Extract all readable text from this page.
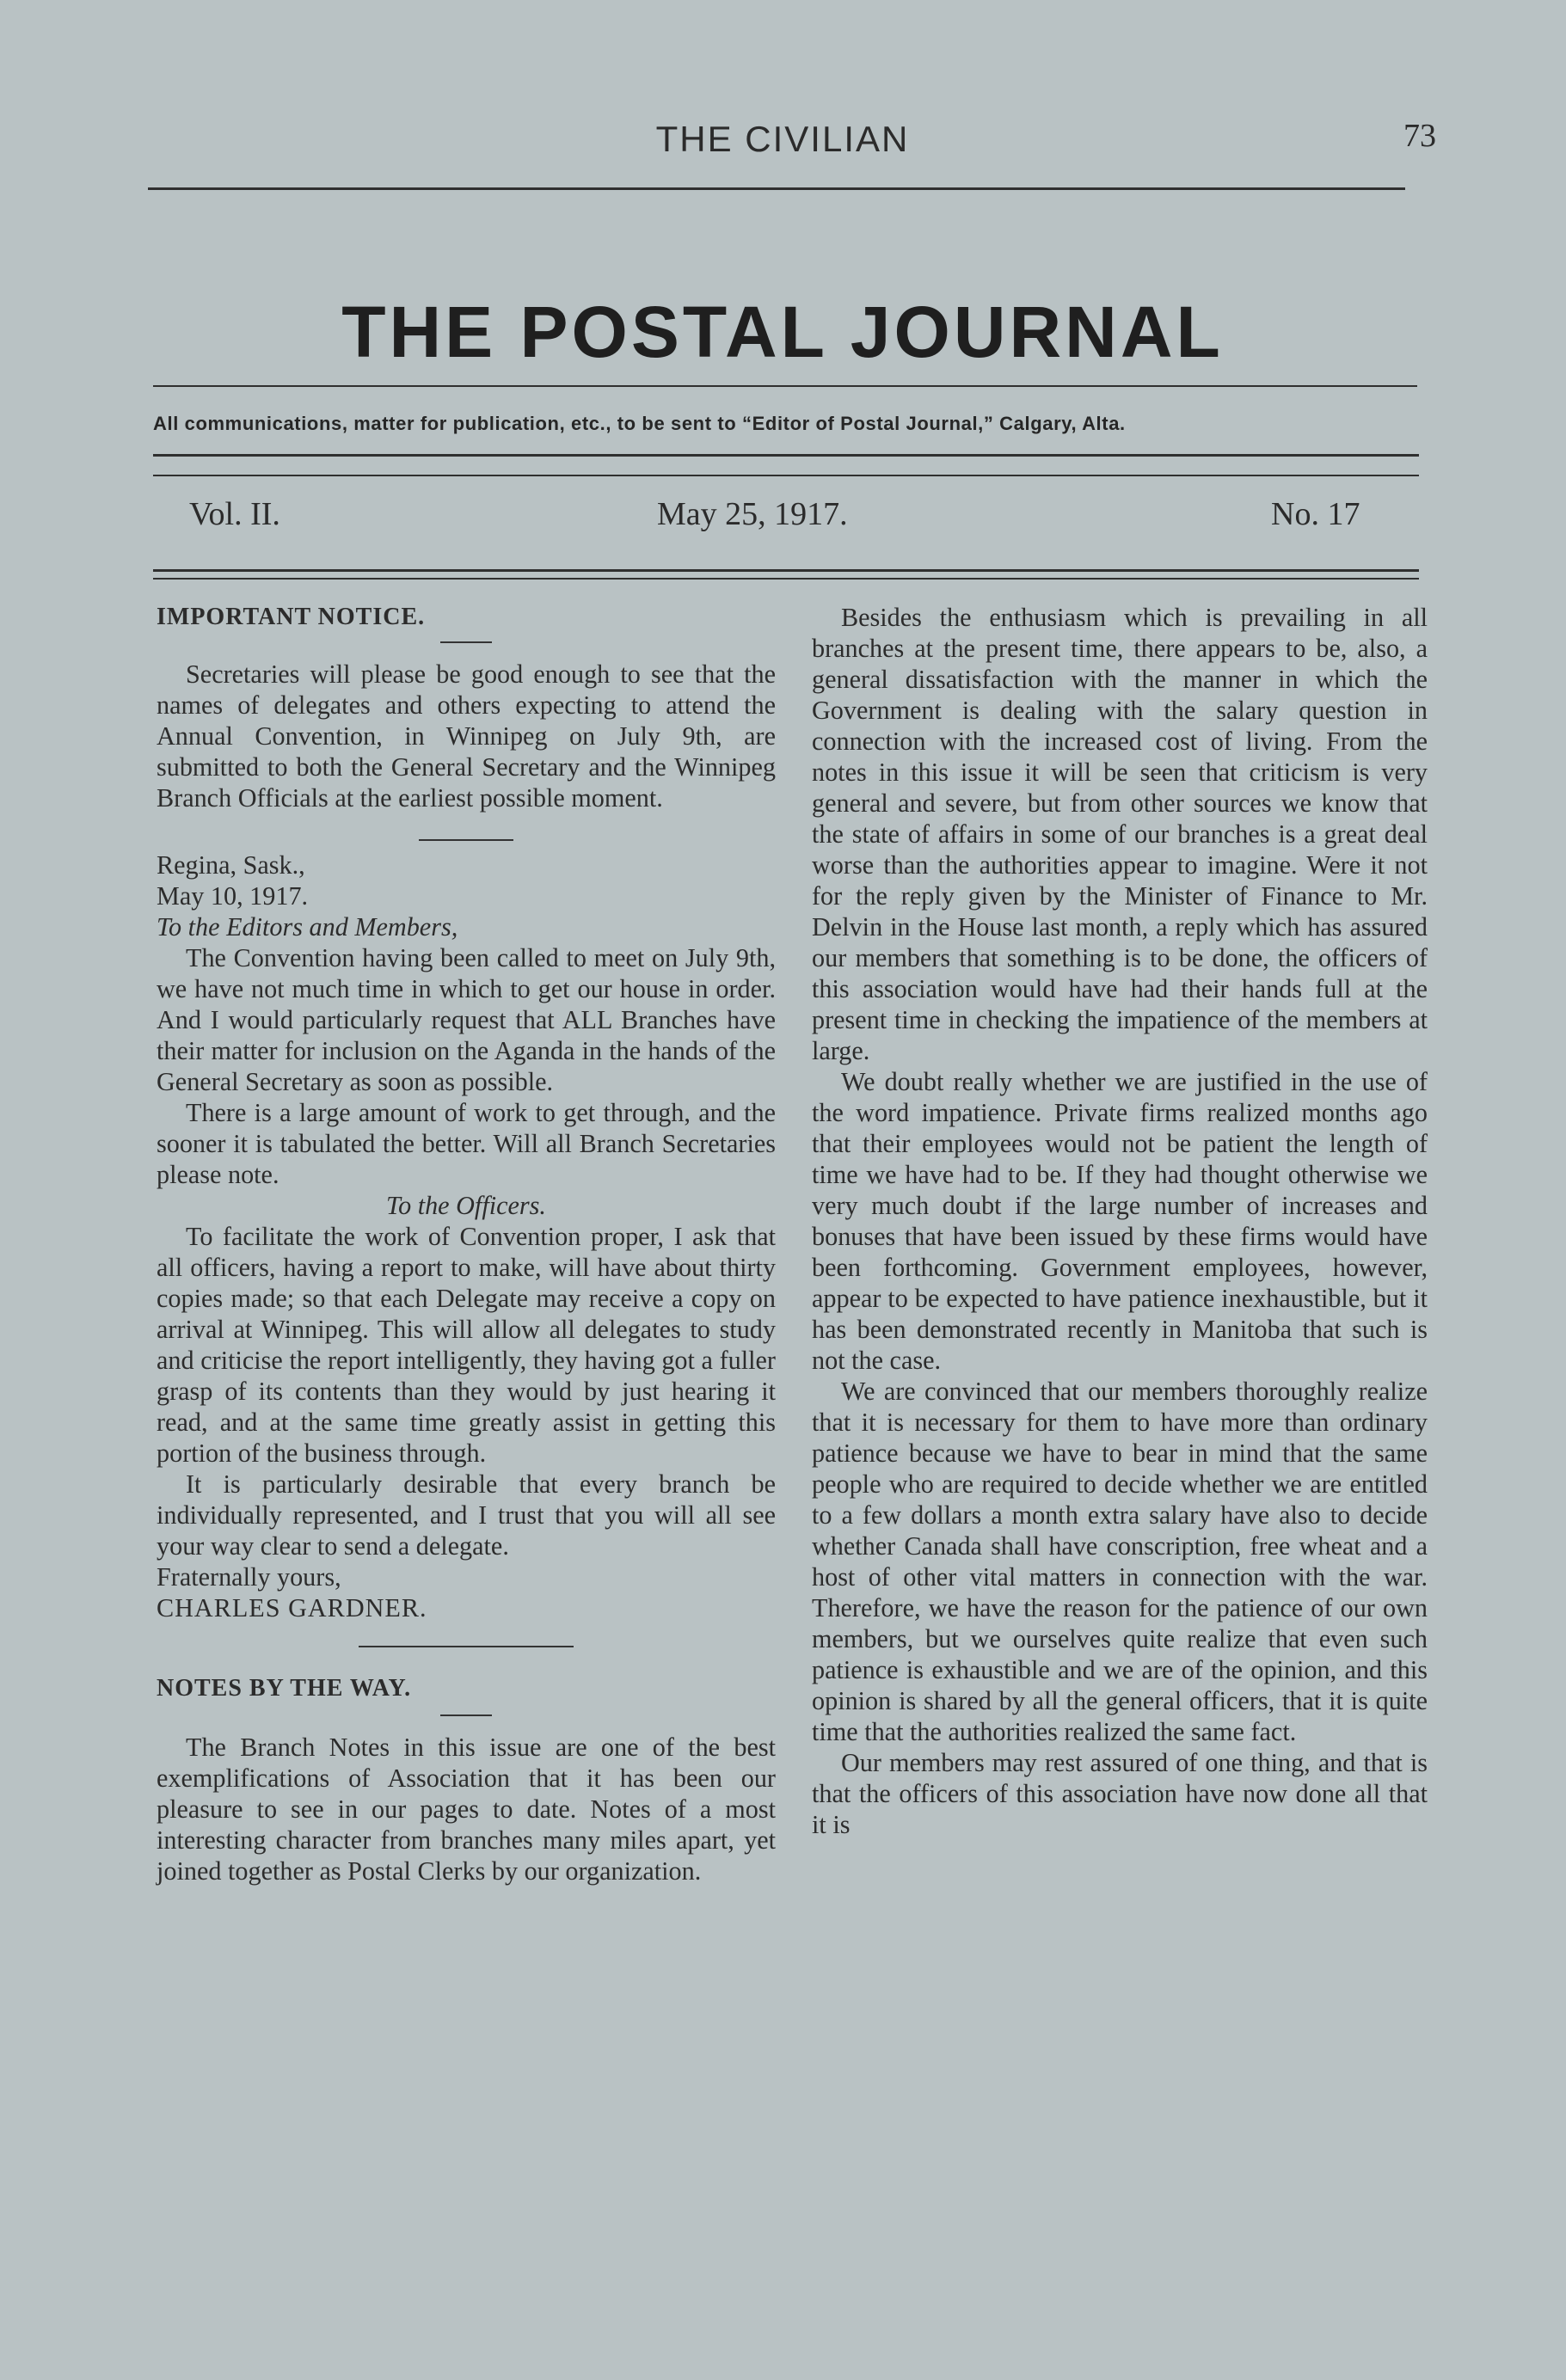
THE CIVILIAN	73
THE POSTAL JOURNAL
All communications, matter for publication, etc., to be sent to “Editor of Postal Journal,” Calgary, Alta.
Vol. II.	May 25, 1917.	No. 17

IMPORTANT NOTICE.

Secretaries will please be good enough to see that the names of delegates and others expecting to attend the Annual Convention, in Winnipeg on July 9th, are submitted to both the General Secretary and the Winnipeg Branch Officials at the earliest possible moment.

Regina, Sask.,

May 10, 1917.

To the Editors and Members,

The Convention having been called to meet on July 9th, we have not much time in which to get our house in order. And I would particularly request that ALL Branches have their matter for inclusion on the Aganda in the hands of the General Secretary as soon as possible.

There is a large amount of work to get through, and the sooner it is tabulated the better. Will all Branch Secretaries please note.

To the Officers.

To facilitate the work of Convention proper, I ask that all officers, having a report to make, will have about thirty copies made; so that each Delegate may receive a copy on arrival at Winnipeg. This will allow all delegates to study and criticise the report intelligently, they having got a fuller grasp of its contents than they would by just hearing it read, and at the same time greatly assist in getting this portion of the business through.

It is particularly desirable that every branch be individually represented, and I trust that you will all see your way clear to send a delegate.

Fraternally yours,

CHARLES GARDNER.

NOTES BY THE WAY.

The Branch Notes in this issue are one of the best exemplifications of Association that it has been our pleasure to see in our pages to date. Notes of a most interesting character from branches many miles apart, yet joined together as Postal Clerks by our organization.

Besides the enthusiasm which is prevailing in all branches at the present time, there appears to be, also, a general dissatisfaction with the manner in which the Government is dealing with the salary question in connection with the increased cost of living. From the notes in this issue it will be seen that criticism is very general and severe, but from other sources we know that the state of affairs in some of our branches is a great deal worse than the authorities appear to imagine. Were it not for the reply given by the Minister of Finance to Mr. Delvin in the House last month, a reply which has assured our members that something is to be done, the officers of this association would have had their hands full at the present time in checking the impatience of the members at large.

We doubt really whether we are justified in the use of the word impatience. Private firms realized months ago that their employees would not be patient the length of time we have had to be. If they had thought otherwise we very much doubt if the large number of increases and bonuses that have been issued by these firms would have been forthcoming. Government employees, however, appear to be expected to have patience inexhaustible, but it has been demonstrated recently in Manitoba that such is not the case.

We are convinced that our members thoroughly realize that it is necessary for them to have more than ordinary patience because we have to bear in mind that the same people who are required to decide whether we are entitled to a few dollars a month extra salary have also to decide whether Canada shall have conscription, free wheat and a host of other vital matters in connection with the war. Therefore, we have the reason for the patience of our own members, but we ourselves quite realize that even such patience is exhaustible and we are of the opinion, and this opinion is shared by all the general officers, that it is quite time that the authorities realized the same fact.

Our members may rest assured of one thing, and that is that the officers of this association have now done all that it is
